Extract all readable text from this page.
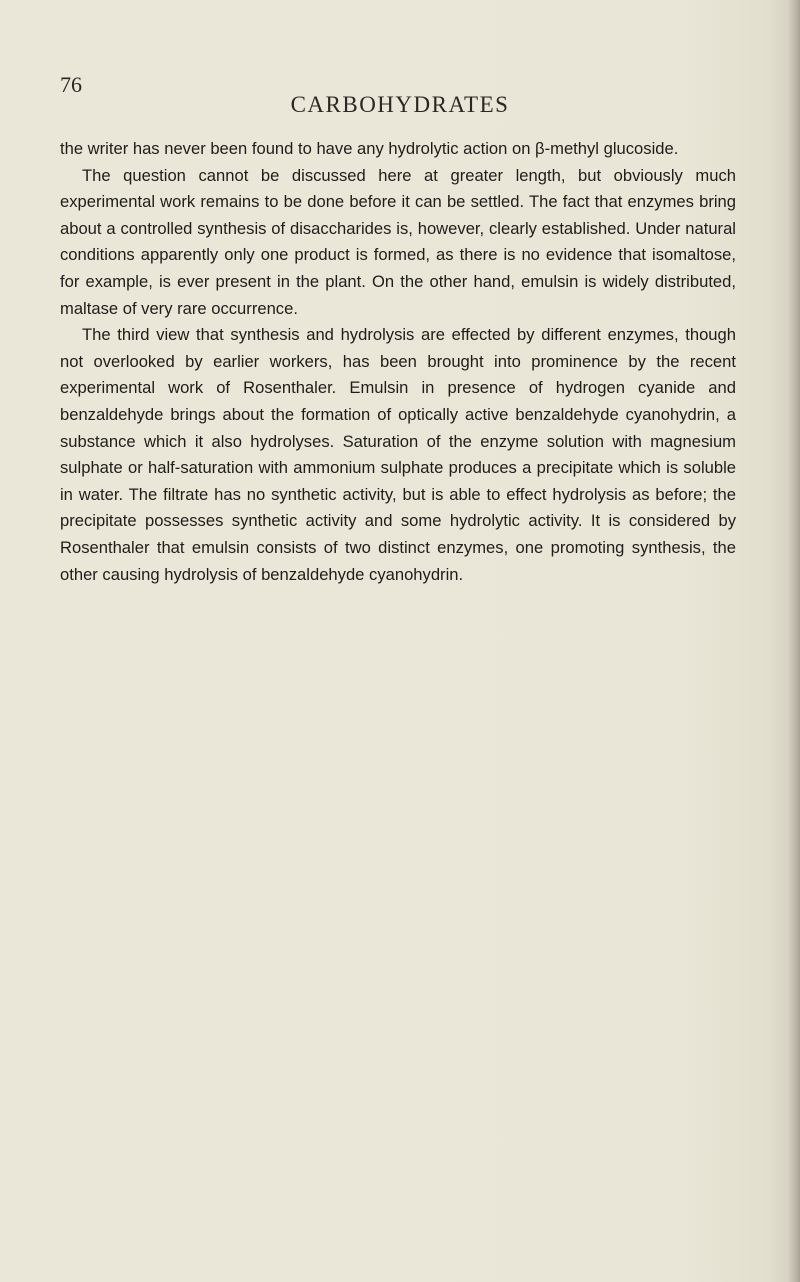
76
CARBOHYDRATES

the writer has never been found to have any hydrolytic action on β-methyl glucoside.

The question cannot be discussed here at greater length, but obviously much experimental work remains to be done before it can be settled. The fact that enzymes bring about a controlled synthesis of disaccharides is, however, clearly established. Under natural conditions apparently only one product is formed, as there is no evidence that isomaltose, for example, is ever present in the plant. On the other hand, emulsin is widely distributed, maltase of very rare occurrence.

The third view that synthesis and hydrolysis are effected by different enzymes, though not overlooked by earlier workers, has been brought into prominence by the recent experimental work of Rosenthaler. Emulsin in presence of hydrogen cyanide and benzaldehyde brings about the formation of optically active benzaldehyde cyanohydrin, a substance which it also hydrolyses. Saturation of the enzyme solution with magnesium sulphate or half-saturation with ammonium sulphate produces a precipitate which is soluble in water. The filtrate has no synthetic activity, but is able to effect hydrolysis as before; the precipitate possesses synthetic activity and some hydrolytic activity. It is considered by Rosenthaler that emulsin consists of two distinct enzymes, one promoting synthesis, the other causing hydrolysis of benzaldehyde cyanohydrin.
